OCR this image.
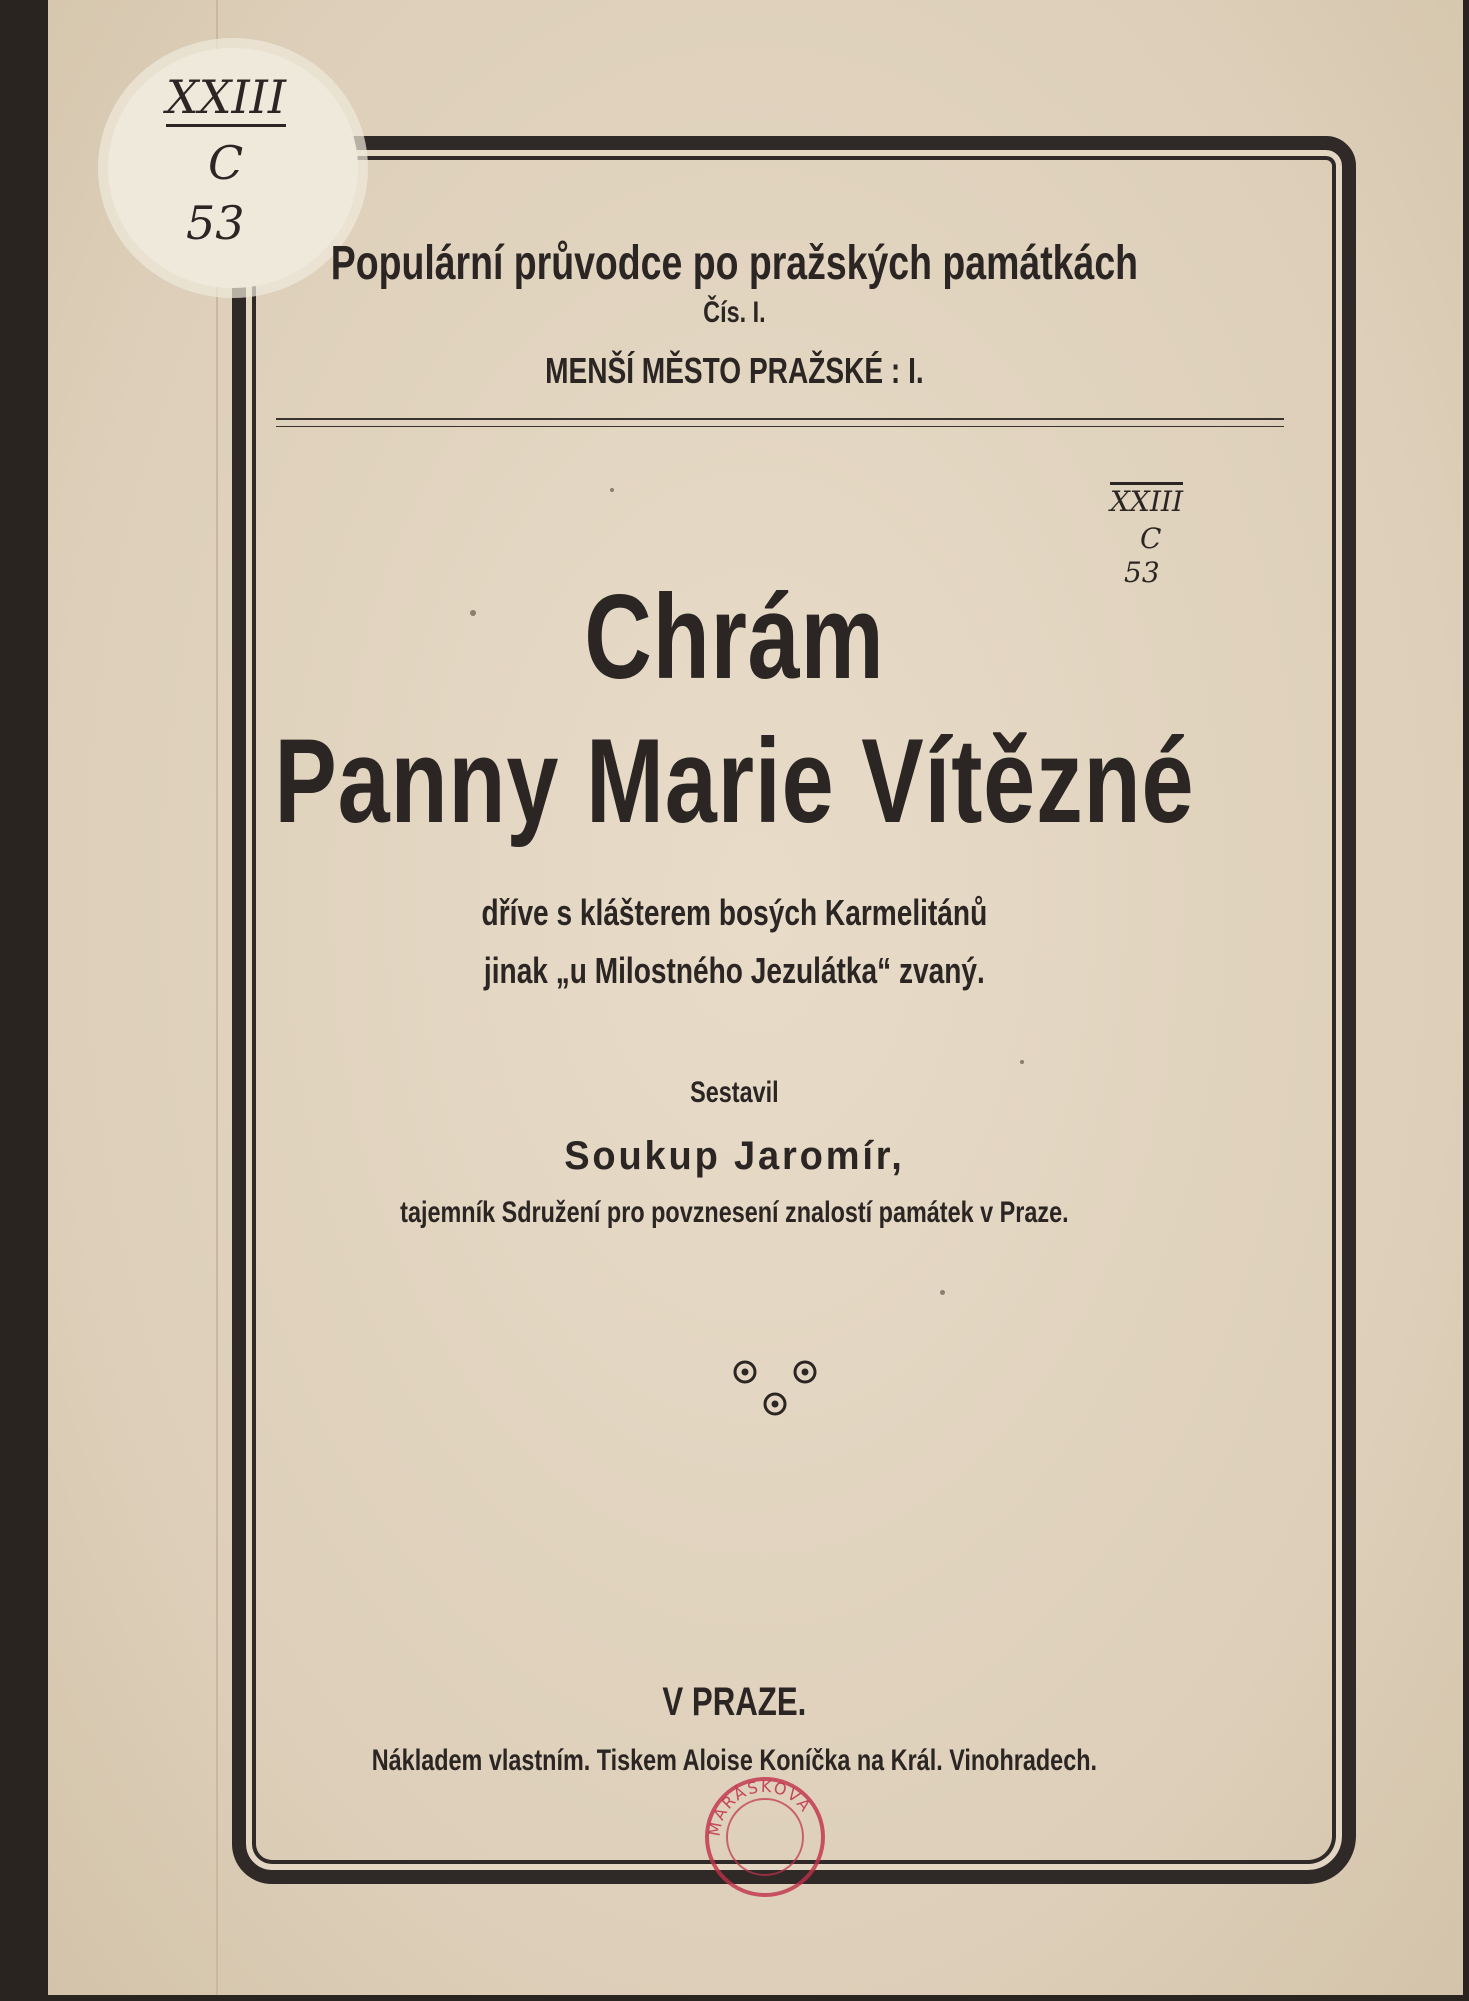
XXIII
C
53
XXIII
C
53
Populární průvodce po pražských památkách
Čís. I.
MENŠÍ MĚSTO PRAŽSKÉ : I.
Chrám
Panny Marie Vítězné
dříve s klášterem bosých Karmelitánů
jinak „u Milostného Jezulátka“ zvaný.
Sestavil
Soukup Jaromír,
tajemník Sdružení pro povznesení znalostí památek v Praze.
V PRAZE.
Nákladem vlastním. Tiskem Aloise Koníčka na Král. Vinohradech.
MARÁSKOVA
